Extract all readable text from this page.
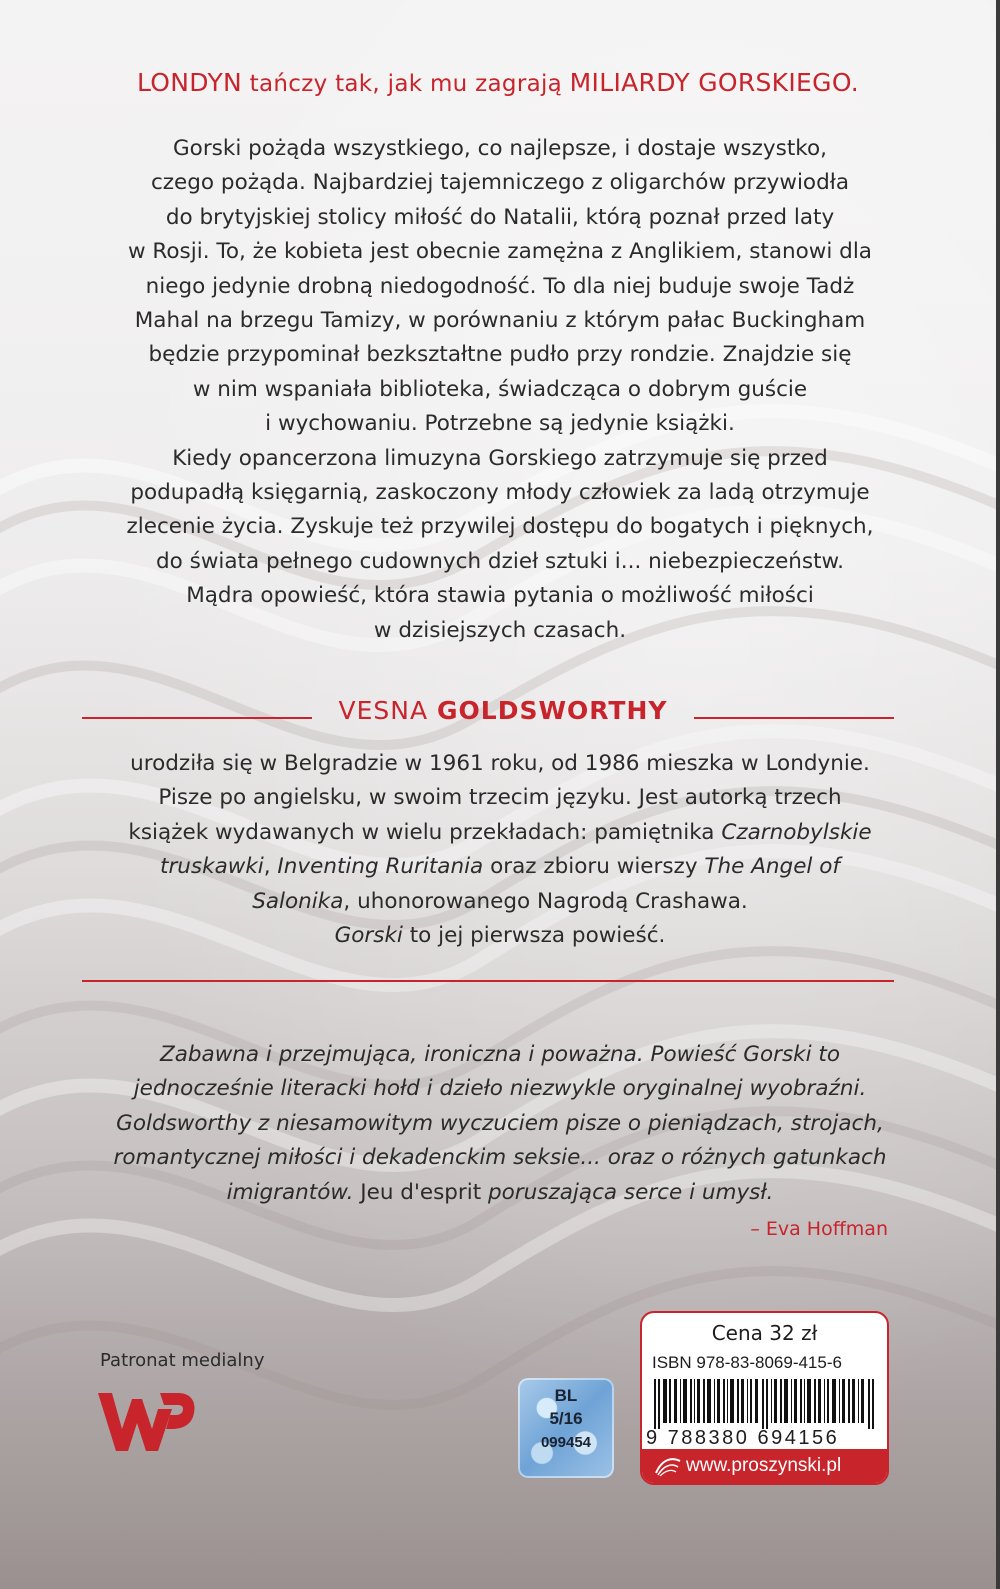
LONDYN tańczy tak, jak mu zagrają MILIARDY GORSKIEGO.

Gorski pożąda wszystkiego, co najlepsze, i dostaje wszystko,
czego pożąda. Najbardziej tajemniczego z oligarchów przywiodła
do brytyjskiej stolicy miłość do Natalii, którą poznał przed laty
w Rosji. To, że kobieta jest obecnie zamężna z Anglikiem, stanowi dla
niego jedynie drobną niedogodność. To dla niej buduje swoje Tadż
Mahal na brzegu Tamizy, w porównaniu z którym pałac Buckingham
będzie przypominał bezkształtne pudło przy rondzie. Znajdzie się
w nim wspaniała biblioteka, świadcząca o dobrym guście
i wychowaniu. Potrzebne są jedynie książki.

Kiedy opancerzona limuzyna Gorskiego zatrzymuje się przed
podupadłą księgarnią, zaskoczony młody człowiek za ladą otrzymuje
zlecenie życia. Zyskuje też przywilej dostępu do bogatych i pięknych,
do świata pełnego cudownych dzieł sztuki i... niebezpieczeństw.

Mądra opowieść, która stawia pytania o możliwość miłości
w dzisiejszych czasach.

VESNA GOLDSWORTHY

urodziła się w Belgradzie w 1961 roku, od 1986 mieszka w Londynie.
Pisze po angielsku, w swoim trzecim języku. Jest autorką trzech
książek wydawanych w wielu przekładach: pamiętnika Czarnobylskie
truskawki, Inventing Ruritania oraz zbioru wierszy The Angel of
Salonika, uhonorowanego Nagrodą Crashawa.
Gorski to jej pierwsza powieść.

Zabawna i przejmująca, ironiczna i poważna. Powieść Gorski to
jednocześnie literacki hołd i dzieło niezwykle oryginalnej wyobraźni.
Goldsworthy z niesamowitym wyczuciem pisze o pieniądzach, strojach,
romantycznej miłości i dekadenckim seksie... oraz o różnych gatunkach
imigrantów. Jeu d'esprit poruszająca serce i umysł.

– Eva Hoffman
Patronat medialny
BL
5/16
099454
Cena 32 zł
ISBN 978-83-8069-415-6
9 788380 694156
www.proszynski.pl
